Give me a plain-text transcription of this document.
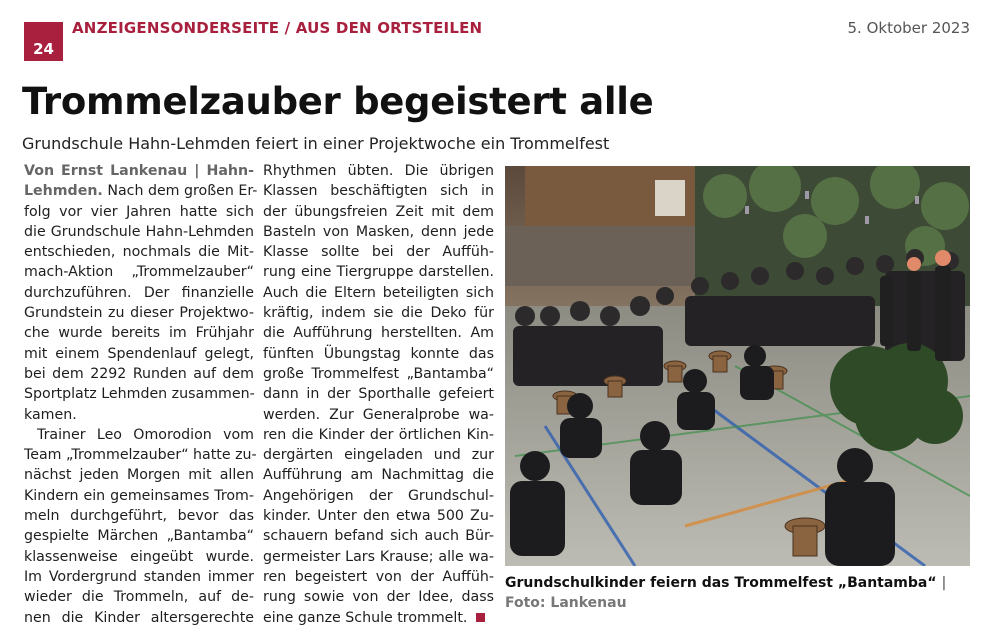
24
ANZEIGENSONDERSEITE / AUS DEN ORTSTEILEN	5. Oktober 2023
Trommelzauber begeistert alle
Grundschule Hahn-Lehmden feiert in einer Projektwoche ein Trommelfest
Von Ernst Lankenau | Hahn-
Lehmden. Nach dem großen Er-
folg vor vier Jahren hatte sich
die Grundschule Hahn-Lehmden
entschieden, nochmals die Mit-
mach-Aktion „Trommelzauber“
durchzuführen. Der finanzielle
Grundstein zu dieser Projektwo-
che wurde bereits im Frühjahr
mit einem Spendenlauf gelegt,
bei dem 2292 Runden auf dem
Sportplatz Lehmden zusammen-
kamen.
Trainer Leo Omorodion vom
Team „Trommelzauber“ hatte zu-
nächst jeden Morgen mit allen
Kindern ein gemeinsames Trom-
meln durchgeführt, bevor das
gespielte Märchen „Bantamba“
klassenweise eingeübt wurde.
Im Vordergrund standen immer
wieder die Trommeln, auf de-
nen die Kinder altersgerechte
Rhythmen übten. Die übrigen
Klassen beschäftigten sich in
der übungsfreien Zeit mit dem
Basteln von Masken, denn jede
Klasse sollte bei der Auffüh-
rung eine Tiergruppe darstellen.
Auch die Eltern beteiligten sich
kräftig, indem sie die Deko für
die Aufführung herstellten. Am
fünften Übungstag konnte das
große Trommelfest „Bantamba“
dann in der Sporthalle gefeiert
werden. Zur Generalprobe wa-
ren die Kinder der örtlichen Kin-
dergärten eingeladen und zur
Aufführung am Nachmittag die
Angehörigen der Grundschul-
kinder. Unter den etwa 500 Zu-
schauern befand sich auch Bür-
germeister Lars Krause; alle wa-
ren begeistert von der Auffüh-
rung sowie von der Idee, dass
eine ganze Schule trommelt.
Grundschulkinder feiern das Trommelfest „Bantamba“ | Foto: Lankenau
